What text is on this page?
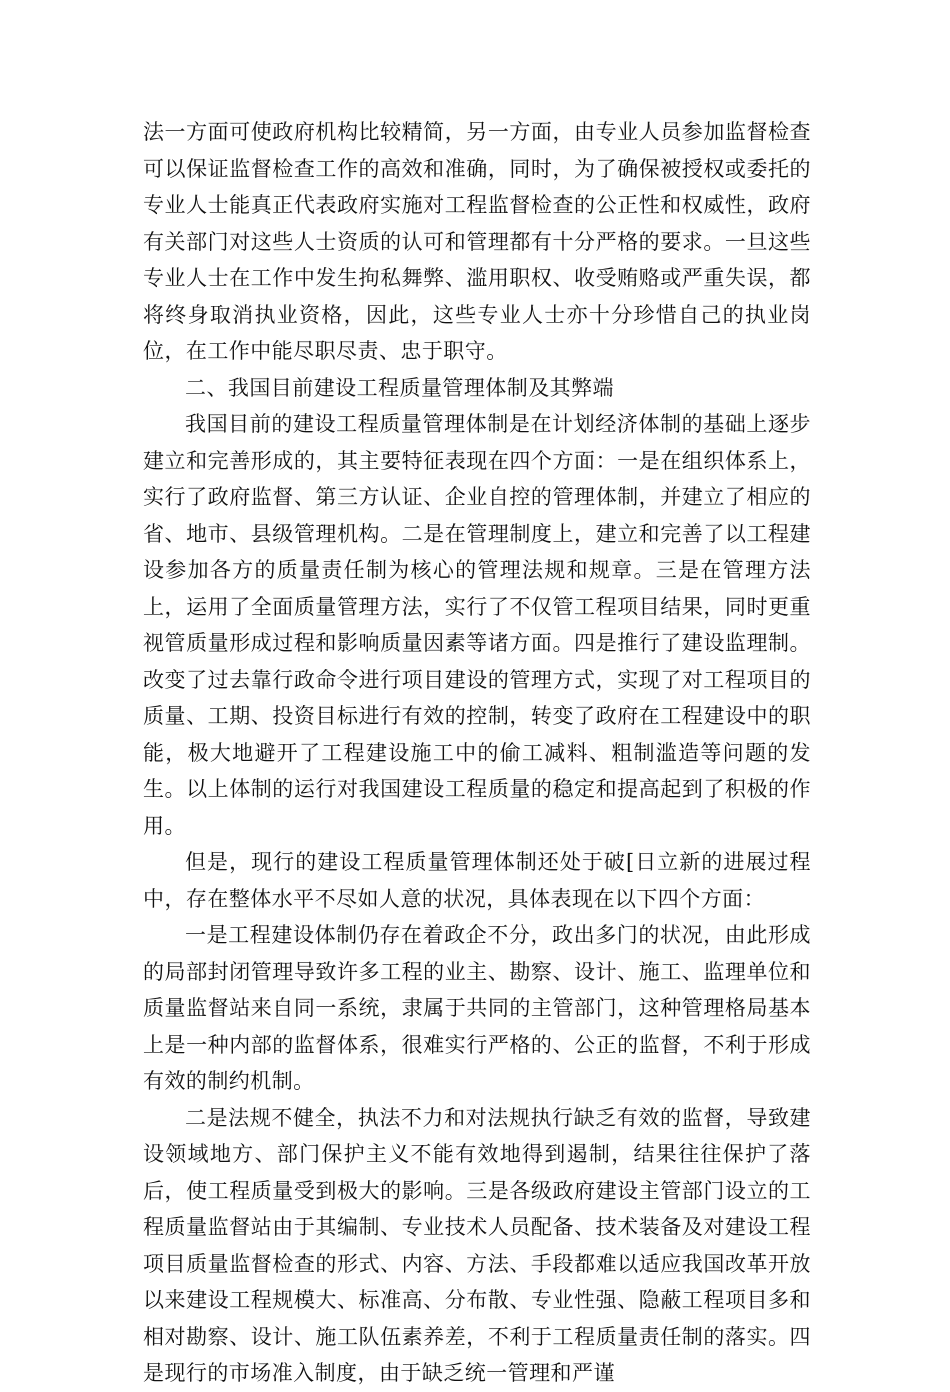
法一方面可使政府机构比较精简，另一方面，由专业人员参加监督检查可以保证监督检查工作的高效和准确，同时，为了确保被授权或委托的专业人士能真正代表政府实施对工程监督检查的公正性和权威性，政府有关部门对这些人士资质的认可和管理都有十分严格的要求。一旦这些专业人士在工作中发生拘私舞弊、滥用职权、收受贿赂或严重失误，都将终身取消执业资格，因此，这些专业人士亦十分珍惜自己的执业岗位，在工作中能尽职尽责、忠于职守。

二、我国目前建设工程质量管理体制及其弊端

我国目前的建设工程质量管理体制是在计划经济体制的基础上逐步建立和完善形成的，其主要特征表现在四个方面：一是在组织体系上，实行了政府监督、第三方认证、企业自控的管理体制，并建立了相应的省、地市、县级管理机构。二是在管理制度上，建立和完善了以工程建设参加各方的质量责任制为核心的管理法规和规章。三是在管理方法上，运用了全面质量管理方法，实行了不仅管工程项目结果，同时更重视管质量形成过程和影响质量因素等诸方面。四是推行了建设监理制。改变了过去靠行政命令进行项目建设的管理方式，实现了对工程项目的质量、工期、投资目标进行有效的控制，转变了政府在工程建设中的职能，极大地避开了工程建设施工中的偷工减料、粗制滥造等问题的发生。以上体制的运行对我国建设工程质量的稳定和提高起到了积极的作用。

但是，现行的建设工程质量管理体制还处于破[日立新的进展过程中，存在整体水平不尽如人意的状况，具体表现在以下四个方面：

一是工程建设体制仍存在着政企不分，政出多门的状况，由此形成的局部封闭管理导致许多工程的业主、勘察、设计、施工、监理单位和质量监督站来自同一系统，隶属于共同的主管部门，这种管理格局基本上是一种内部的监督体系，很难实行严格的、公正的监督，不利于形成有效的制约机制。

二是法规不健全，执法不力和对法规执行缺乏有效的监督，导致建设领域地方、部门保护主义不能有效地得到遏制，结果往往保护了落后，使工程质量受到极大的影响。三是各级政府建设主管部门设立的工程质量监督站由于其编制、专业技术人员配备、技术装备及对建设工程项目质量监督检查的形式、内容、方法、手段都难以适应我国改革开放以来建设工程规模大、标准高、分布散、专业性强、隐蔽工程项目多和相对勘察、设计、施工队伍素养差，不利于工程质量责任制的落实。四是现行的市场准入制度，由于缺乏统一管理和严谨
